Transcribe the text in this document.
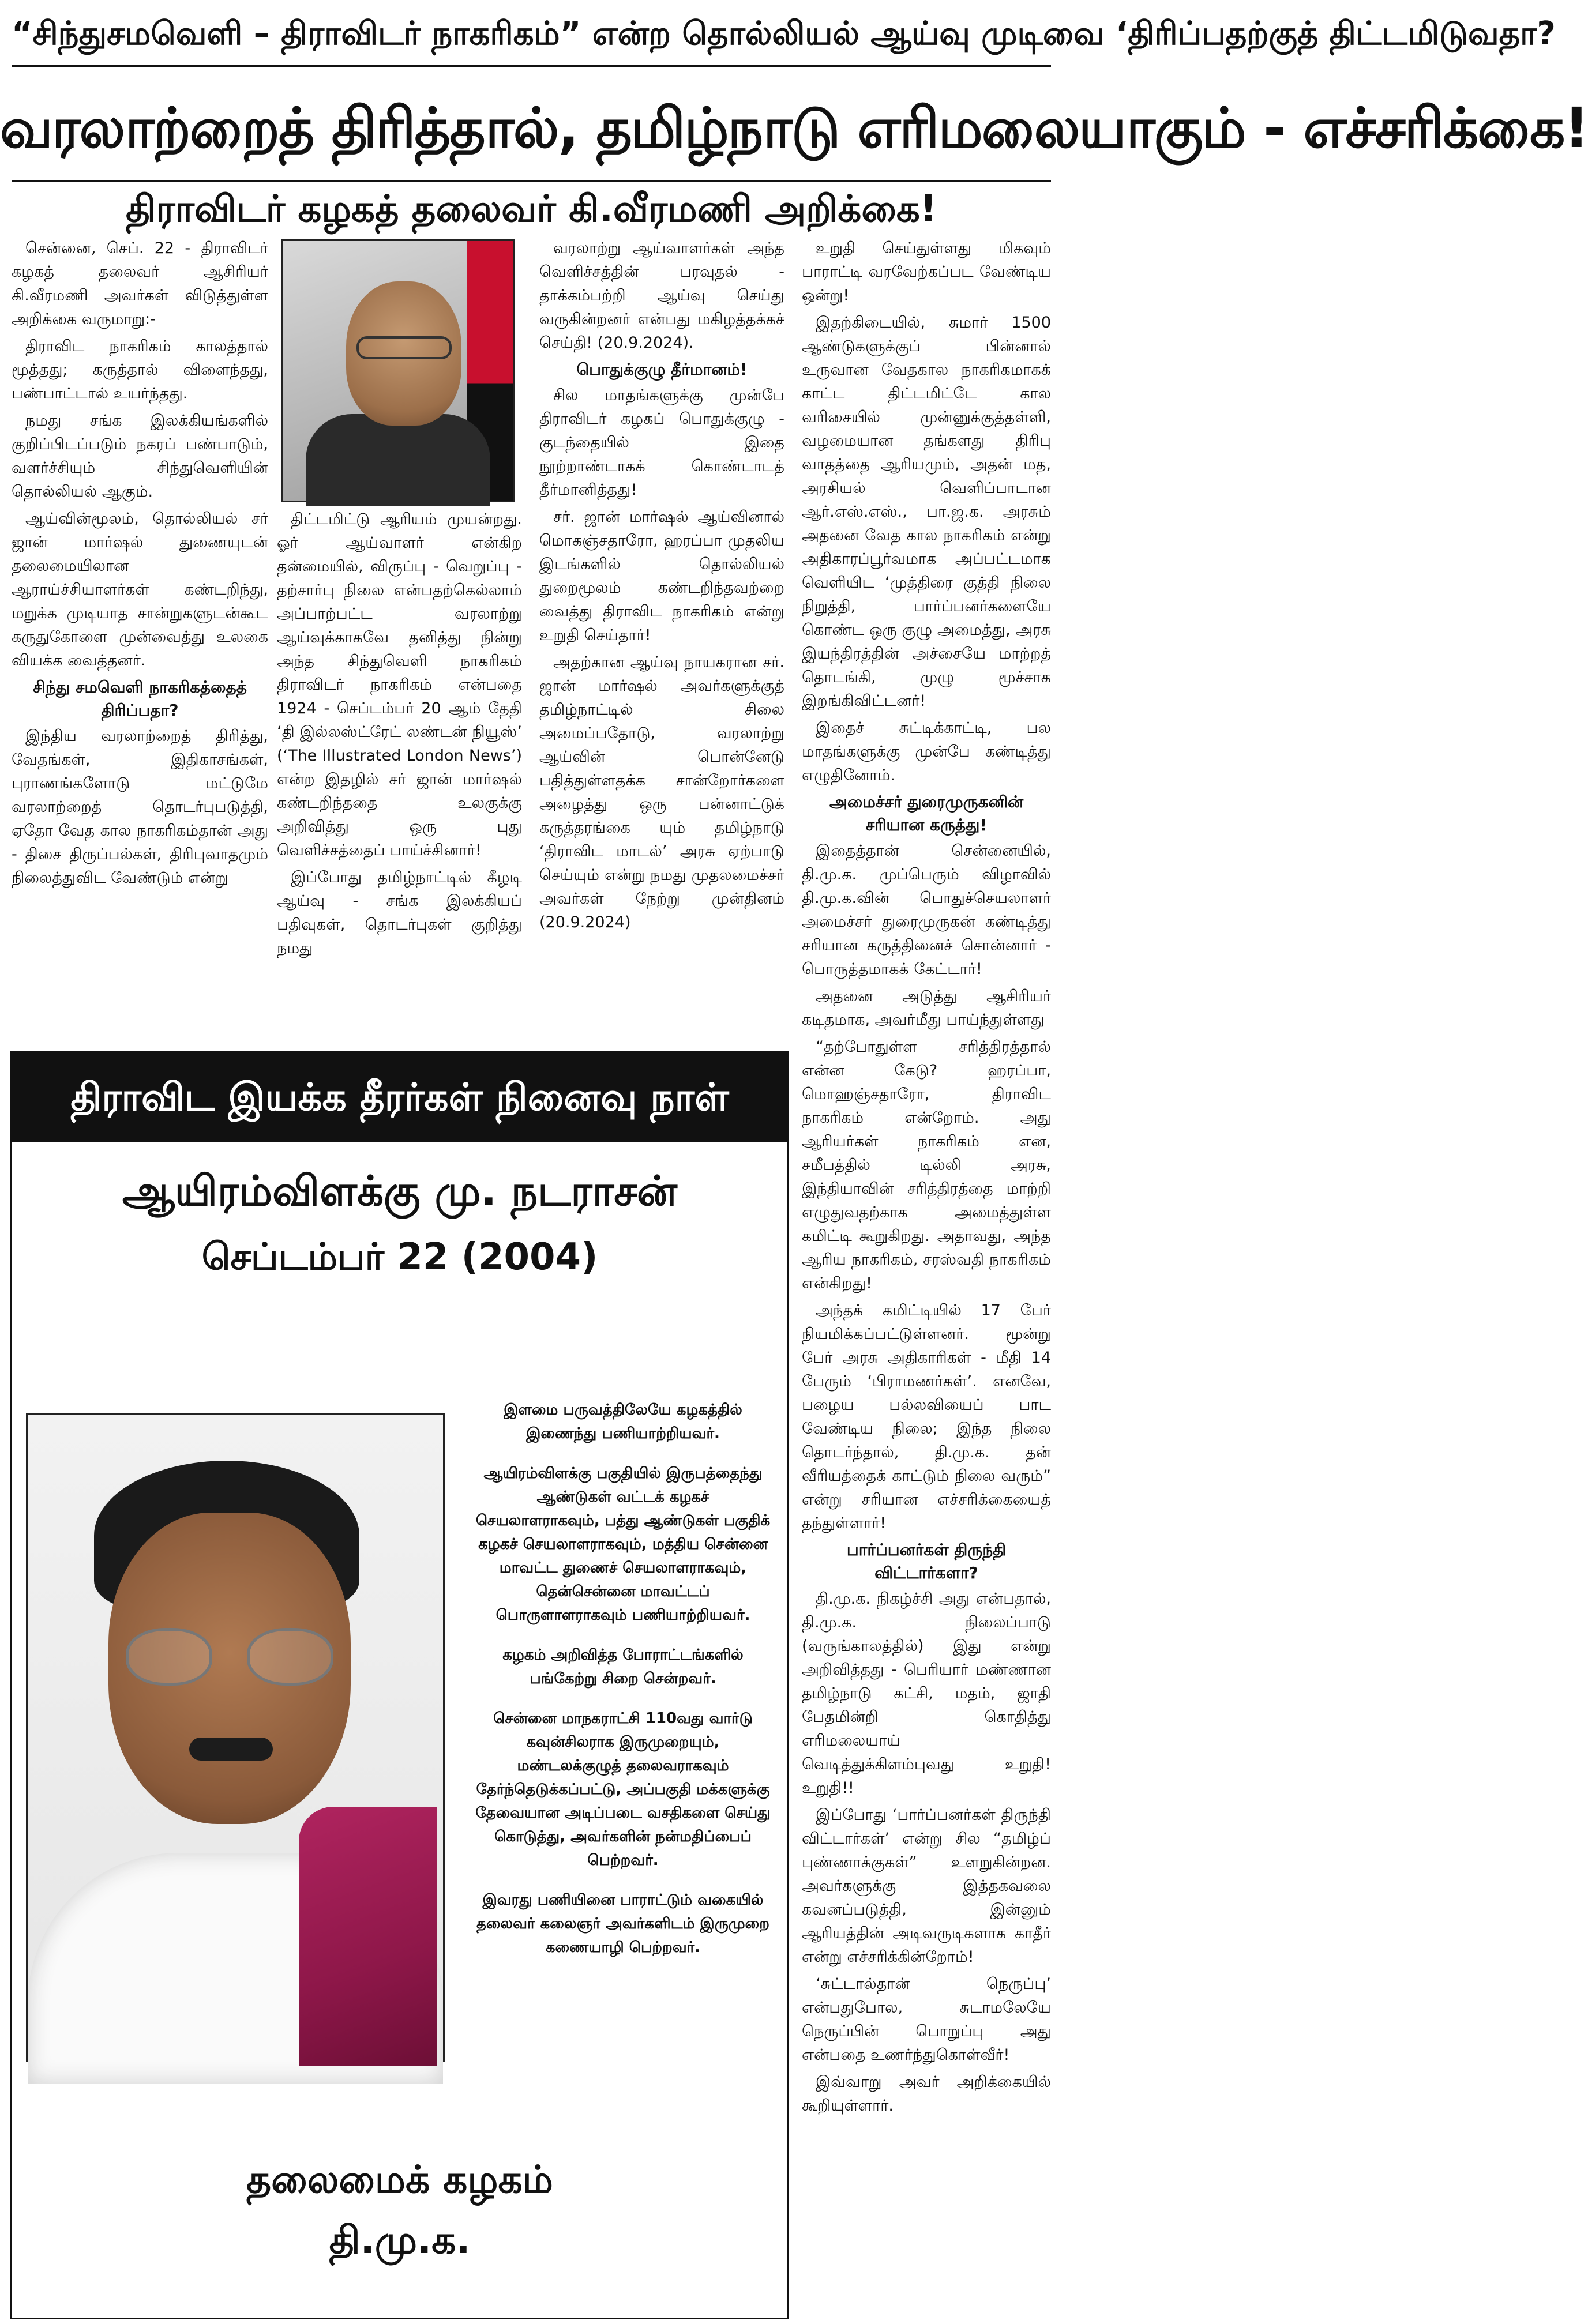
“சிந்துசமவெளி – திராவிடர் நாகரிகம்” என்ற தொல்லியல் ஆய்வு முடிவை ‘திரிப்பதற்குத் திட்டமிடுவதா?
வரலாற்றைத் திரித்தால், தமிழ்நாடு எரிமலையாகும் - எச்சரிக்கை!
திராவிடர் கழகத் தலைவர் கி.வீரமணி அறிக்கை!

சென்னை, செப். 22 - திராவிடர் கழகத் தலைவர் ஆசிரியர் கி.வீரமணி அவர்கள் விடுத்துள்ள அறிக்கை வருமாறு:-

திராவிட நாகரிகம் காலத்தால் மூத்தது; கருத்தால் விளைந்தது, பண்பாட்டால் உயர்ந்தது.

நமது சங்க இலக்கியங்களில் குறிப்பிடப்படும் நகரப் பண்பாடும், வளர்ச்சியும் சிந்துவெளியின் தொல்லியல் ஆகும்.

ஆய்வின்மூலம், தொல்லியல் சர் ஜான் மார்ஷல் துணையுடன் தலைமையிலான ஆராய்ச்சியாளர்கள் கண்டறிந்து, மறுக்க முடியாத சான்றுகளுடன்கூட கருதுகோளை முன்வைத்து உலகை வியக்க வைத்தனர்.

சிந்து சமவெளி நாகரிகத்தைத் திரிப்பதா?

இந்திய வரலாற்றைத் திரித்து, வேதங்கள், இதிகாசங்கள், புராணங்களோடு மட்டுமே வரலாற்றைத் தொடர்புபடுத்தி, ஏதோ வேத கால நாகரிகம்தான் அது - திசை திருப்பல்கள், திரிபுவாதமும் நிலைத்துவிட வேண்டும் என்று

திட்டமிட்டு ஆரியம் முயன்றது. ஓர் ஆய்வாளர் என்கிற தன்மையில், விருப்பு - வெறுப்பு - தற்சார்பு நிலை என்பதற்கெல்லாம் அப்பாற்பட்ட வரலாற்று ஆய்வுக்காகவே தனித்து நின்று அந்த சிந்துவெளி நாகரிகம் திராவிடர் நாகரிகம் என்பதை 1924 - செப்டம்பர் 20 ஆம் தேதி ‘தி இல்லஸ்ட்ரேட் லண்டன் நியூஸ்’ (‘The Illustrated London News’) என்ற இதழில் சர் ஜான் மார்ஷல் கண்டறிந்ததை உலகுக்கு அறிவித்து ஒரு புது வெளிச்சத்தைப் பாய்ச்சினார்!

இப்போது தமிழ்நாட்டில் கீழடி ஆய்வு - சங்க இலக்கியப் பதிவுகள், தொடர்புகள் குறித்து நமது

வரலாற்று ஆய்வாளர்கள் அந்த வெளிச்சத்தின் பரவுதல் - தாக்கம்பற்றி ஆய்வு செய்து வருகின்றனர் என்பது மகிழத்தக்கச் செய்தி! (20.9.2024).

பொதுக்குழு தீர்மானம்!

சில மாதங்களுக்கு முன்பே திராவிடர் கழகப் பொதுக்குழு - குடந்தையில் இதை நூற்றாண்டாகக் கொண்டாடத் தீர்மானித்தது!

சர். ஜான் மார்ஷல் ஆய்வினால் மொகஞ்சதாரோ, ஹரப்பா முதலிய இடங்களில் தொல்லியல் துறைமூலம் கண்டறிந்தவற்றை வைத்து திராவிட நாகரிகம் என்று உறுதி செய்தார்!

அதற்கான ஆய்வு நாயகரான சர். ஜான் மார்ஷல் அவர்களுக்குத் தமிழ்நாட்டில் சிலை அமைப்பதோடு, வரலாற்று ஆய்வின் பொன்னேடு பதித்துள்ளதக்க சான்றோர்களை அழைத்து ஒரு பன்னாட்டுக் கருத்தரங்கை யும் தமிழ்நாடு ‘திராவிட மாடல்’ அரசு ஏற்பாடு செய்யும் என்று நமது முதலமைச்சர் அவர்கள் நேற்று முன்தினம் (20.9.2024)

உறுதி செய்துள்ளது மிகவும் பாராட்டி வரவேற்கப்பட வேண்டிய ஒன்று!

இதற்கிடையில், சுமார் 1500 ஆண்டுகளுக்குப் பின்னால் உருவான வேதகால நாகரிகமாகக் காட்ட திட்டமிட்டே கால வரிசையில் முன்னுக்குத்தள்ளி, வழமையான தங்களது திரிபு வாதத்தை ஆரியமும், அதன் மத, அரசியல் வெளிப்பாடான ஆர்.எஸ்.எஸ்., பா.ஜ.க. அரசும் அதனை வேத கால நாகரிகம் என்று அதிகாரப்பூர்வமாக அப்பட்டமாக வெளியிட ‘முத்திரை குத்தி நிலை நிறுத்தி, பார்ப்பனர்களையே கொண்ட ஒரு குழு அமைத்து, அரசு இயந்திரத்தின் அச்சையே மாற்றத் தொடங்கி, முழு மூச்சாக இறங்கிவிட்டனர்!

இதைச் சுட்டிக்காட்டி, பல மாதங்களுக்கு முன்பே கண்டித்து எழுதினோம்.

அமைச்சர் துரைமுருகனின் சரியான கருத்து!

இதைத்தான் சென்னையில், தி.மு.க. முப்பெரும் விழாவில் தி.மு.க.வின் பொதுச்செயலாளர் அமைச்சர் துரைமுருகன் கண்டித்து சரியான கருத்தினைச் சொன்னார் - பொருத்தமாகக் கேட்டார்!

அதனை அடுத்து ஆசிரியர் கடிதமாக, அவர்மீது பாய்ந்துள்ளது

“தற்போதுள்ள சரித்திரத்தால் என்ன கேடு? ஹரப்பா, மொஹஞ்சதாரோ, திராவிட நாகரிகம் என்றோம். அது ஆரியர்கள் நாகரிகம் என, சமீபத்தில் டில்லி அரசு, இந்தியாவின் சரித்திரத்தை மாற்றி எழுதுவதற்காக அமைத்துள்ள கமிட்டி கூறுகிறது. அதாவது, அந்த ஆரிய நாகரிகம், சரஸ்வதி நாகரிகம் என்கிறது!

அந்தக் கமிட்டியில் 17 பேர் நியமிக்கப்பட்டுள்ளனர். மூன்று பேர் அரசு அதிகாரிகள் - மீதி 14 பேரும் ‘பிராமணர்கள்’. எனவே, பழைய பல்லவியைப் பாட வேண்டிய நிலை; இந்த நிலை தொடர்ந்தால், தி.மு.க. தன் வீரியத்தைக் காட்டும் நிலை வரும்” என்று சரியான எச்சரிக்கையைத் தந்துள்ளார்!

பார்ப்பனர்கள் திருந்தி விட்டார்களா?

தி.மு.க. நிகழ்ச்சி அது என்பதால், தி.மு.க. நிலைப்பாடு (வருங்காலத்தில்) இது என்று அறிவித்தது - பெரியார் மண்ணான தமிழ்நாடு கட்சி, மதம், ஜாதி பேதமின்றி கொதித்து எரிமலையாய் வெடித்துக்கிளம்புவது உறுதி! உறுதி!!

இப்போது ‘பார்ப்பனர்கள் திருந்தி விட்டார்கள்’ என்று சில “தமிழ்ப் புண்ணாக்குகள்” உளறுகின்றன. அவர்களுக்கு இத்தகவலை கவனப்படுத்தி, இன்னும் ஆரியத்தின் அடிவருடிகளாக காதீர் என்று எச்சரிக்கின்றோம்!

‘சுட்டால்தான் நெருப்பு’ என்பதுபோல, சுடாமலேயே நெருப்பின் பொறுப்பு அது என்பதை உணர்ந்துகொள்வீர்!

இவ்வாறு அவர் அறிக்கையில் கூறியுள்ளார்.

திராவிட இயக்க தீரர்கள் நினைவு நாள்
ஆயிரம்விளக்கு மு. நடராசன்
செப்டம்பர் 22 (2004)

இளமை பருவத்திலேயே கழகத்தில் இணைந்து பணியாற்றியவர்.

ஆயிரம்விளக்கு பகுதியில் இருபத்தைந்து ஆண்டுகள் வட்டக் கழகச் செயலாளராகவும், பத்து ஆண்டுகள் பகுதிக் கழகச் செயலாளராகவும், மத்திய சென்னை மாவட்ட துணைச் செயலாளராகவும், தென்சென்னை மாவட்டப் பொருளாளராகவும் பணியாற்றியவர்.

கழகம் அறிவித்த போராட்டங்களில் பங்கேற்று சிறை சென்றவர்.

சென்னை மாநகராட்சி 110வது வார்டு கவுன்சிலராக இருமுறையும், மண்டலக்குழுத் தலைவராகவும் தேர்ந்தெடுக்கப்பட்டு, அப்பகுதி மக்களுக்கு தேவையான அடிப்படை வசதிகளை செய்து கொடுத்து, அவர்களின் நன்மதிப்பைப் பெற்றவர்.

இவரது பணியினை பாராட்டும் வகையில் தலைவர் கலைஞர் அவர்களிடம் இருமுறை கணையாழி பெற்றவர்.

தலைமைக் கழகம்
தி.மு.க.
